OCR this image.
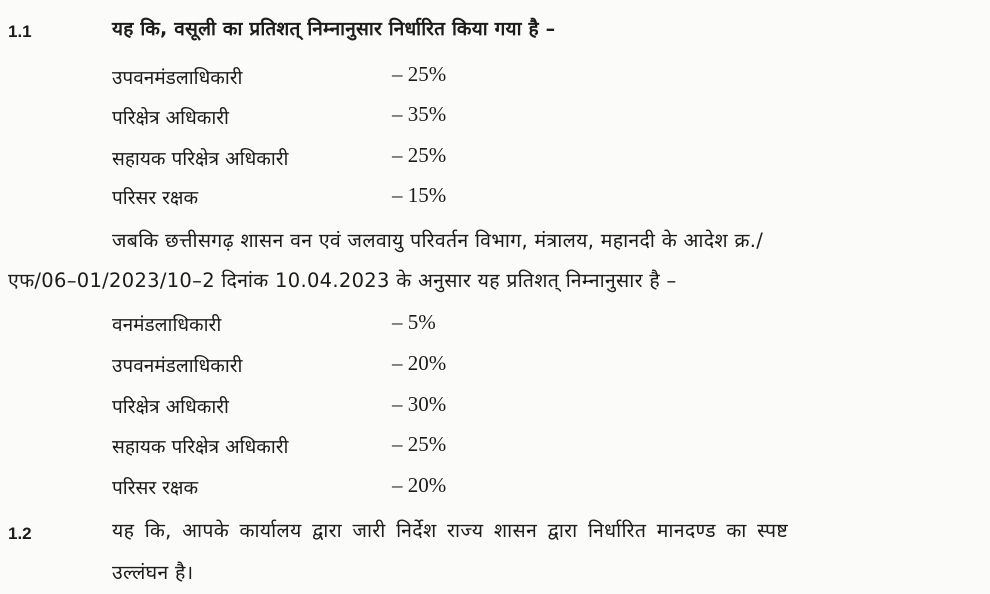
1.1	यह कि, वसूली का प्रतिशत् निम्नानुसार निर्धारित किया गया है –
उपवनमंडलाधिकारी	– 25%
परिक्षेत्र अधिकारी	– 35%
सहायक परिक्षेत्र अधिकारी	– 25%
परिसर रक्षक	– 15%
जबकि छत्तीसगढ़ शासन वन एवं जलवायु परिवर्तन विभाग, मंत्रालय, महानदी के आदेश क्र./
एफ/06–01/2023/10–2 दिनांक 10.04.2023 के अनुसार यह प्रतिशत् निम्नानुसार है –
वनमंडलाधिकारी	– 5%
उपवनमंडलाधिकारी	– 20%
परिक्षेत्र अधिकारी	– 30%
सहायक परिक्षेत्र अधिकारी	– 25%
परिसर रक्षक	– 20%
1.2	यह कि, आपके कार्यालय द्वारा जारी निर्देश राज्य शासन द्वारा निर्धारित मानदण्ड का स्पष्ट
उल्लंघन है।
